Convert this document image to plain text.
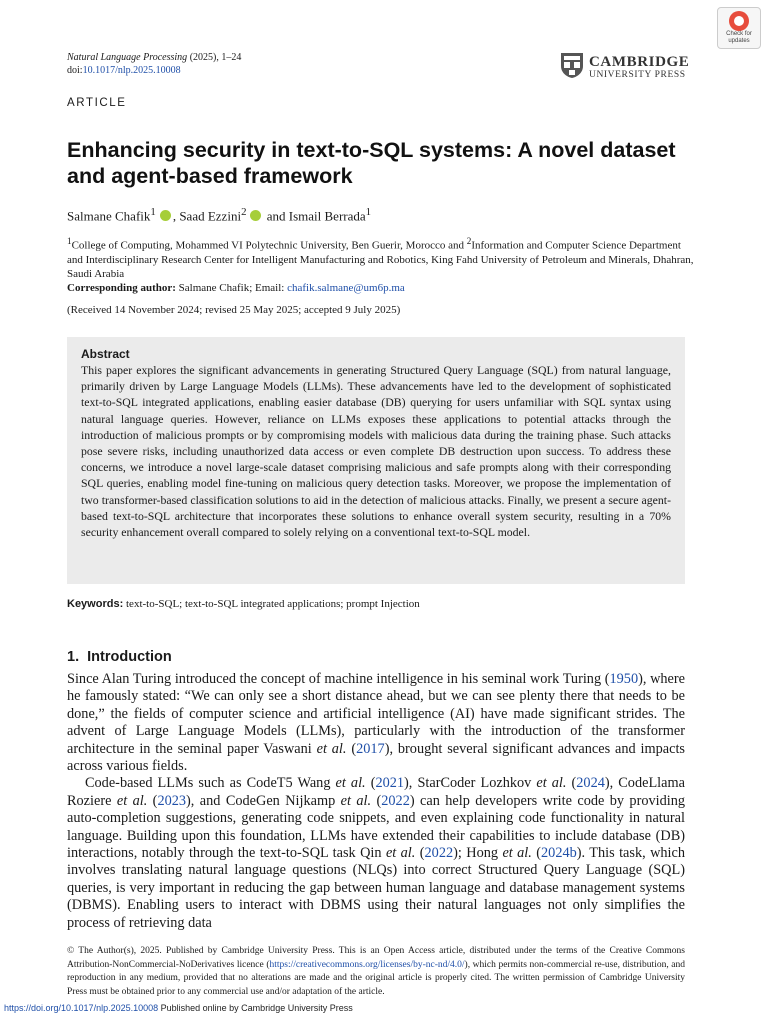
Natural Language Processing (2025), 1–24
doi:10.1017/nlp.2025.10008
CAMBRIDGE
UNIVERSITY PRESS
Check for
updates
ARTICLE
Enhancing security in text-to-SQL systems: A novel dataset and agent-based framework
Salmane Chafik$^1$ , Saad Ezzini$^2$ and Ismail Berrada$^1$
$^1$College of Computing, Mohammed VI Polytechnic University, Ben Guerir, Morocco and $^2$Information and Computer Science Department and Interdisciplinary Research Center for Intelligent Manufacturing and Robotics, King Fahd University of Petroleum and Minerals, Dhahran, Saudi Arabia
Corresponding author: Salmane Chafik; Email: chafik.salmane@um6p.ma
(Received 14 November 2024; revised 25 May 2025; accepted 9 July 2025)
Abstract

This paper explores the significant advancements in generating Structured Query Language (SQL) from natural language, primarily driven by Large Language Models (LLMs). These advancements have led to the development of sophisticated text-to-SQL integrated applications, enabling easier database (DB) querying for users unfamiliar with SQL syntax using natural language queries. However, reliance on LLMs exposes these applications to potential attacks through the introduction of malicious prompts or by compromising models with malicious data during the training phase. Such attacks pose severe risks, including unauthorized data access or even complete DB destruction upon success. To address these concerns, we introduce a novel large-scale dataset comprising malicious and safe prompts along with their corresponding SQL queries, enabling model fine-tuning on malicious query detection tasks. Moreover, we propose the implementation of two transformer-based classification solutions to aid in the detection of malicious attacks. Finally, we present a secure agent-based text-to-SQL architecture that incorporates these solutions to enhance overall system security, resulting in a 70% security enhancement overall compared to solely relying on a conventional text-to-SQL model.

Keywords: text-to-SQL; text-to-SQL integrated applications; prompt Injection
1. Introduction

Since Alan Turing introduced the concept of machine intelligence in his seminal work Turing (1950), where he famously stated: “We can only see a short distance ahead, but we can see plenty there that needs to be done,” the fields of computer science and artificial intelligence (AI) have made significant strides. The advent of Large Language Models (LLMs), particularly with the introduction of the transformer architecture in the seminal paper Vaswani et al. (2017), brought several significant advances and impacts across various fields.

Code-based LLMs such as CodeT5 Wang et al. (2021), StarCoder Lozhkov et al. (2024), CodeLlama Roziere et al. (2023), and CodeGen Nijkamp et al. (2022) can help developers write code by providing auto-completion suggestions, generating code snippets, and even explaining code functionality in natural language. Building upon this foundation, LLMs have extended their capabilities to include database (DB) interactions, notably through the text-to-SQL task Qin et al. (2022); Hong et al. (2024b). This task, which involves translating natural language questions (NLQs) into correct Structured Query Language (SQL) queries, is very important in reducing the gap between human language and database management systems (DBMS). Enabling users to interact with DBMS using their natural languages not only simplifies the process of retrieving data

© The Author(s), 2025. Published by Cambridge University Press. This is an Open Access article, distributed under the terms of the Creative Commons Attribution-NonCommercial-NoDerivatives licence (https://creativecommons.org/licenses/by-nc-nd/4.0/), which permits non-commercial re-use, distribution, and reproduction in any medium, provided that no alterations are made and the original article is properly cited. The written permission of Cambridge University Press must be obtained prior to any commercial use and/or adaptation of the article.
https://doi.org/10.1017/nlp.2025.10008 Published online by Cambridge University Press
